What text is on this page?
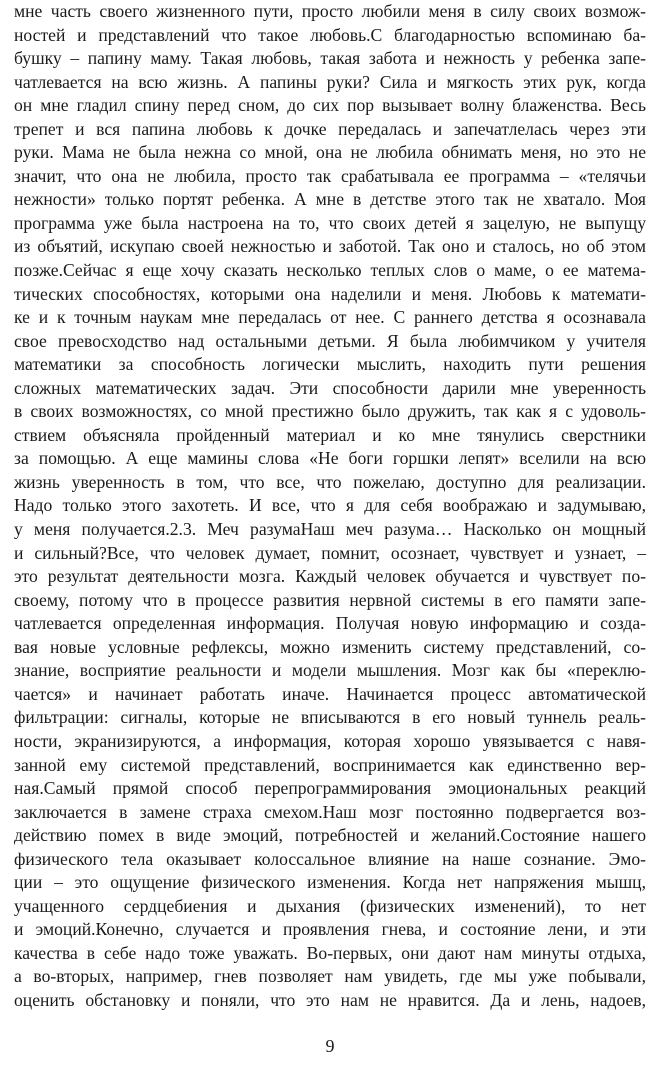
мне часть своего жизненного пути, просто любили меня в силу своих возмож-
ностей и представлений что такое любовь.С благодарностью вспоминаю ба-
бушку – папину маму. Такая любовь, такая забота и нежность у ребенка запе-
чатлевается на всю жизнь. А папины руки? Сила и мягкость этих рук, когда
он мне гладил спину перед сном, до сих пор вызывает волну блаженства. Весь
трепет и вся папина любовь к дочке передалась и запечатлелась через эти
руки. Мама не была нежна со мной, она не любила обнимать меня, но это не
значит, что она не любила, просто так срабатывала ее программа – «телячьи
нежности» только портят ребенка. А мне в детстве этого так не хватало. Моя
программа уже была настроена на то, что своих детей я зацелую, не выпущу
из объятий, искупаю своей нежностью и заботой. Так оно и сталось, но об этом
позже.Сейчас я еще хочу сказать несколько теплых слов о маме, о ее матема-
тических способностях, которыми она наделили и меня. Любовь к математи-
ке и к точным наукам мне передалась от нее. С раннего детства я осознавала
свое превосходство над остальными детьми. Я была любимчиком у учителя
математики за способность логически мыслить, находить пути решения
сложных математических задач. Эти способности дарили мне уверенность
в своих возможностях, со мной престижно было дружить, так как я с удоволь-
ствием объясняла пройденный материал и ко мне тянулись сверстники
за помощью. А еще мамины слова «Не боги горшки лепят» вселили на всю
жизнь уверенность в том, что все, что пожелаю, доступно для реализации.
Надо только этого захотеть. И все, что я для себя воображаю и задумываю,
у меня получается.2.3. Меч разумаНаш меч разума… Насколько он мощный
и сильный?Все, что человек думает, помнит, осознает, чувствует и узнает, –
это результат деятельности мозга. Каждый человек обучается и чувствует по-
своему, потому что в процессе развития нервной системы в его памяти запе-
чатлевается определенная информация. Получая новую информацию и созда-
вая новые условные рефлексы, можно изменить систему представлений, со-
знание, восприятие реальности и модели мышления. Мозг как бы «переклю-
чается» и начинает работать иначе. Начинается процесс автоматической
фильтрации: сигналы, которые не вписываются в его новый туннель реаль-
ности, экранизируются, а информация, которая хорошо увязывается с навя-
занной ему системой представлений, воспринимается как единственно вер-
ная.Самый прямой способ перепрограммирования эмоциональных реакций
заключается в замене страха смехом.Наш мозг постоянно подвергается воз-
действию помех в виде эмоций, потребностей и желаний.Состояние нашего
физического тела оказывает колоссальное влияние на наше сознание. Эмо-
ции – это ощущение физического изменения. Когда нет напряжения мышц,
учащенного сердцебиения и дыхания (физических изменений), то нет
и эмоций.Конечно, случается и проявления гнева, и состояние лени, и эти
качества в себе надо тоже уважать. Во-первых, они дают нам минуты отдыха,
а во-вторых, например, гнев позволяет нам увидеть, где мы уже побывали,
оценить обстановку и поняли, что это нам не нравится. Да и лень, надоев,
9
